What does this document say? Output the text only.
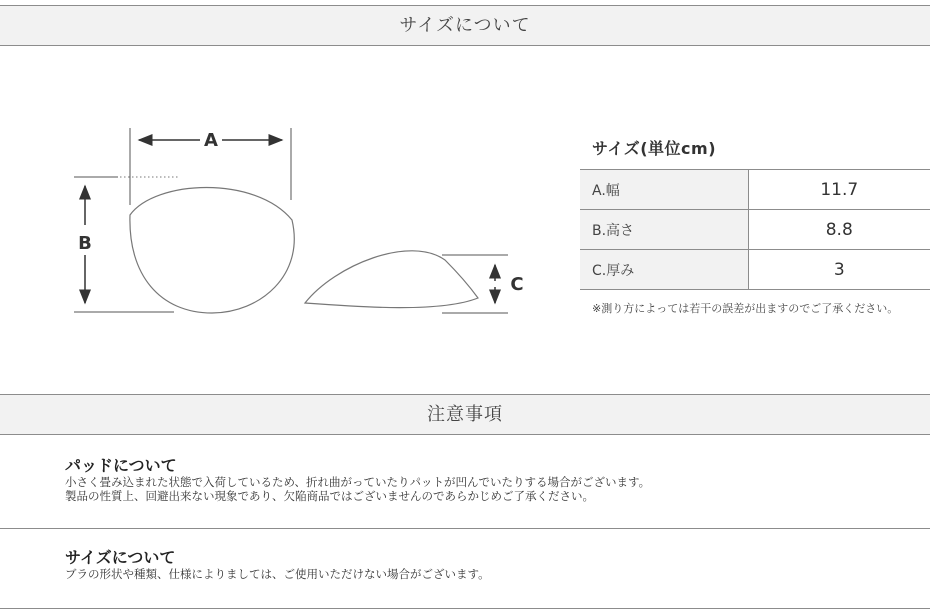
サイズについて
A
B
C
サイズ(単位cm)
A.幅	11.7
B.高さ	8.8
C.厚み	3
※測り方によっては若干の誤差が出ますのでご了承ください。
注意事項
パッドについて

小さく畳み込まれた状態で入荷しているため、折れ曲がっていたりパットが凹んでいたりする場合がございます。

製品の性質上、回避出来ない現象であり、欠陥商品ではございませんのであらかじめご了承ください。

サイズについて

ブラの形状や種類、仕様によりましては、ご使用いただけない場合がございます。
